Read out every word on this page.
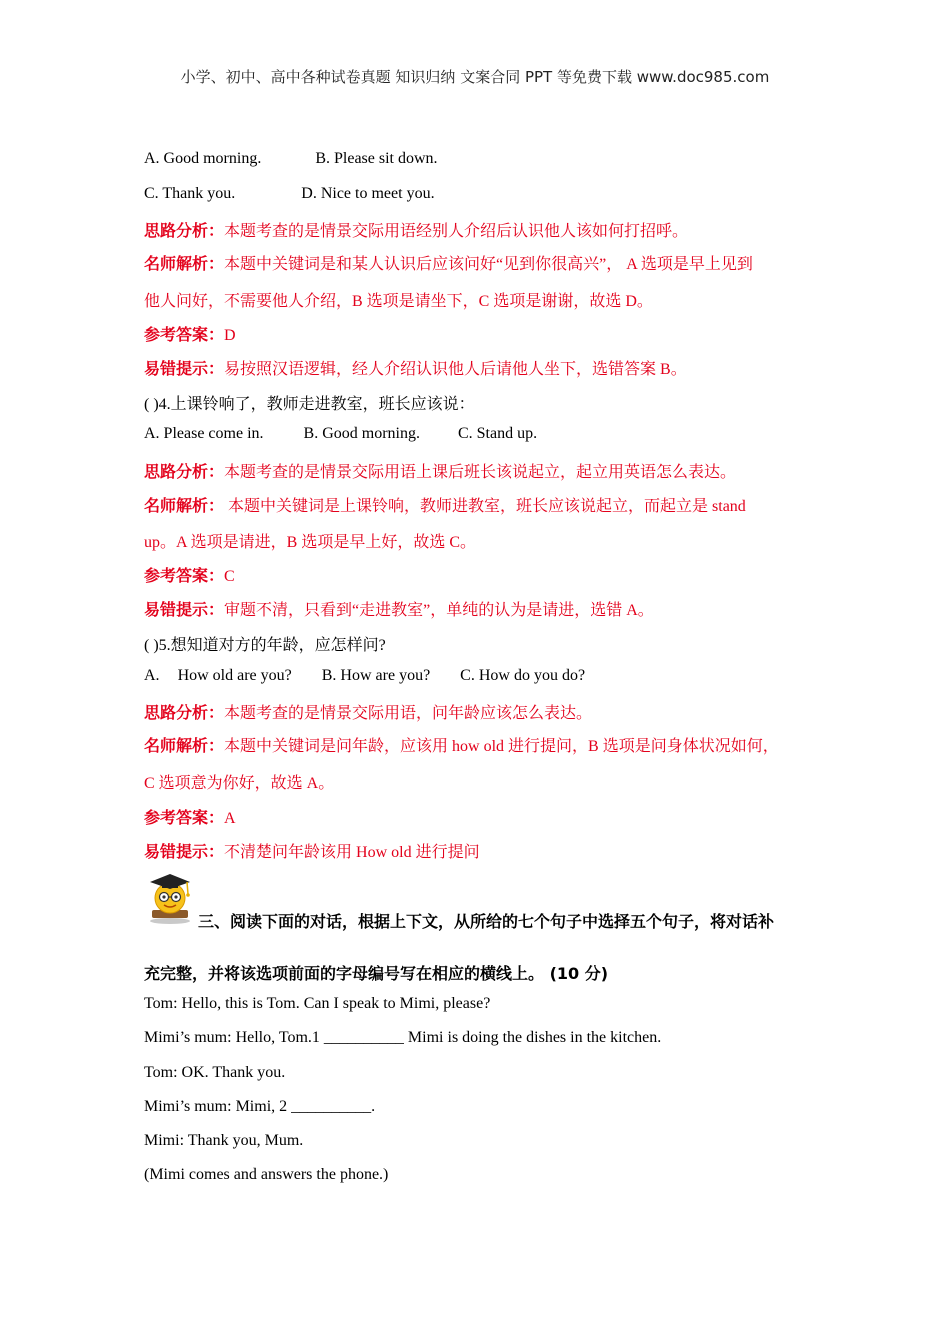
小学、初中、高中各种试卷真题 知识归纳 文案合同 PPT 等免费下载 www.doc985.com
A. Good morning.	B. Please sit down.
C. Thank you.	D. Nice to meet you.
思路分析：本题考查的是情景交际用语经别人介绍后认识他人该如何打招呼。
名师解析：本题中关键词是和某人认识后应该问好“见到你很高兴”， A 选项是早上见到
他人问好，不需要他人介绍，B 选项是请坐下，C 选项是谢谢，故选 D。
参考答案：D
易错提示：易按照汉语逻辑，经人介绍认识他人后请他人坐下，选错答案 B。
( )4.上课铃响了，教师走进教室，班长应该说：
A. Please come in.	B. Good morning. C. Stand up.
思路分析：本题考查的是情景交际用语上课后班长该说起立，起立用英语怎么表达。
名师解析： 本题中关键词是上课铃响，教师进教室，班长应该说起立，而起立是 stand
up。A 选项是请进，B 选项是早上好，故选 C。
参考答案：C
易错提示：审题不清，只看到“走进教室”，单纯的认为是请进，选错 A。
( )5.想知道对方的年龄，应怎样问?
A. How old are you? B. How are you? C. How do you do?
思路分析：本题考查的是情景交际用语，问年龄应该怎么表达。
名师解析：本题中关键词是问年龄，应该用 how old 进行提问，B 选项是问身体状况如何，
C 选项意为你好，故选 A。
参考答案：A
易错提示：不清楚问年龄该用 How old 进行提问
三、阅读下面的对话，根据上下文，从所给的七个句子中选择五个句子，将对话补
充完整，并将该选项前面的字母编号写在相应的横线上。 (10 分)
Tom: Hello, this is Tom. Can I speak to Mimi, please?
Mimi’s mum: Hello, Tom.1 __________ Mimi is doing the dishes in the kitchen.
Tom: OK. Thank you.
Mimi’s mum: Mimi, 2 __________.
Mimi: Thank you, Mum.
(Mimi comes and answers the phone.)
